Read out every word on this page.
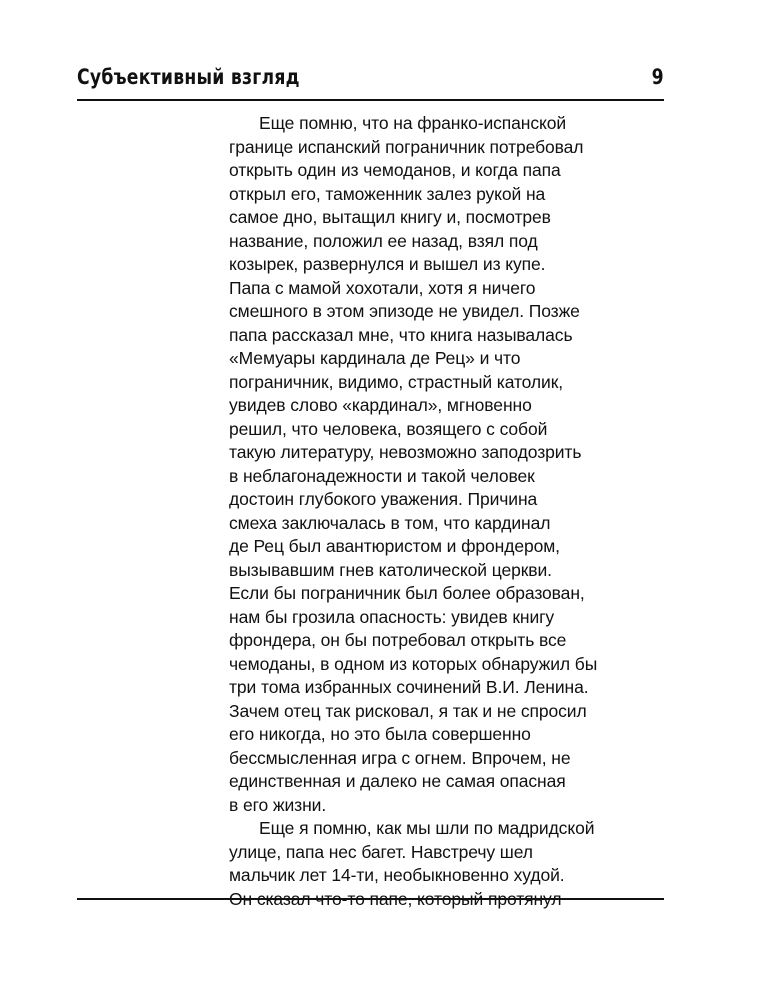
Субъективный взгляд	9
Еще помню, что на франко-испанской
границе испанский пограничник потребовал
открыть один из чемоданов, и когда папа
открыл его, таможенник залез рукой на
самое дно, вытащил книгу и, посмотрев
название, положил ее назад, взял под
козырек, развернулся и вышел из купе.
Папа с мамой хохотали, хотя я ничего
смешного в этом эпизоде не увидел. Позже
папа рассказал мне, что книга называлась
«Мемуары кардинала де Рец» и что
пограничник, видимо, страстный католик,
увидев слово «кардинал», мгновенно
решил, что человека, возящего с собой
такую литературу, невозможно заподозрить
в неблагонадежности и такой человек
достоин глубокого уважения. Причина
смеха заключалась в том, что кардинал
де Рец был авантюристом и фрондером,
вызывавшим гнев католической церкви.
Если бы пограничник был более образован,
нам бы грозила опасность: увидев книгу
фрондера, он бы потребовал открыть все
чемоданы, в одном из которых обнаружил бы
три тома избранных сочинений В.И. Ленина.
Зачем отец так рисковал, я так и не спросил
его никогда, но это была совершенно
бессмысленная игра с огнем. Впрочем, не
единственная и далеко не самая опасная
в его жизни.
Еще я помню, как мы шли по мадридской
улице, папа нес багет. Навстречу шел
мальчик лет 14-ти, необыкновенно худой.
Он сказал что-то папе, который протянул
